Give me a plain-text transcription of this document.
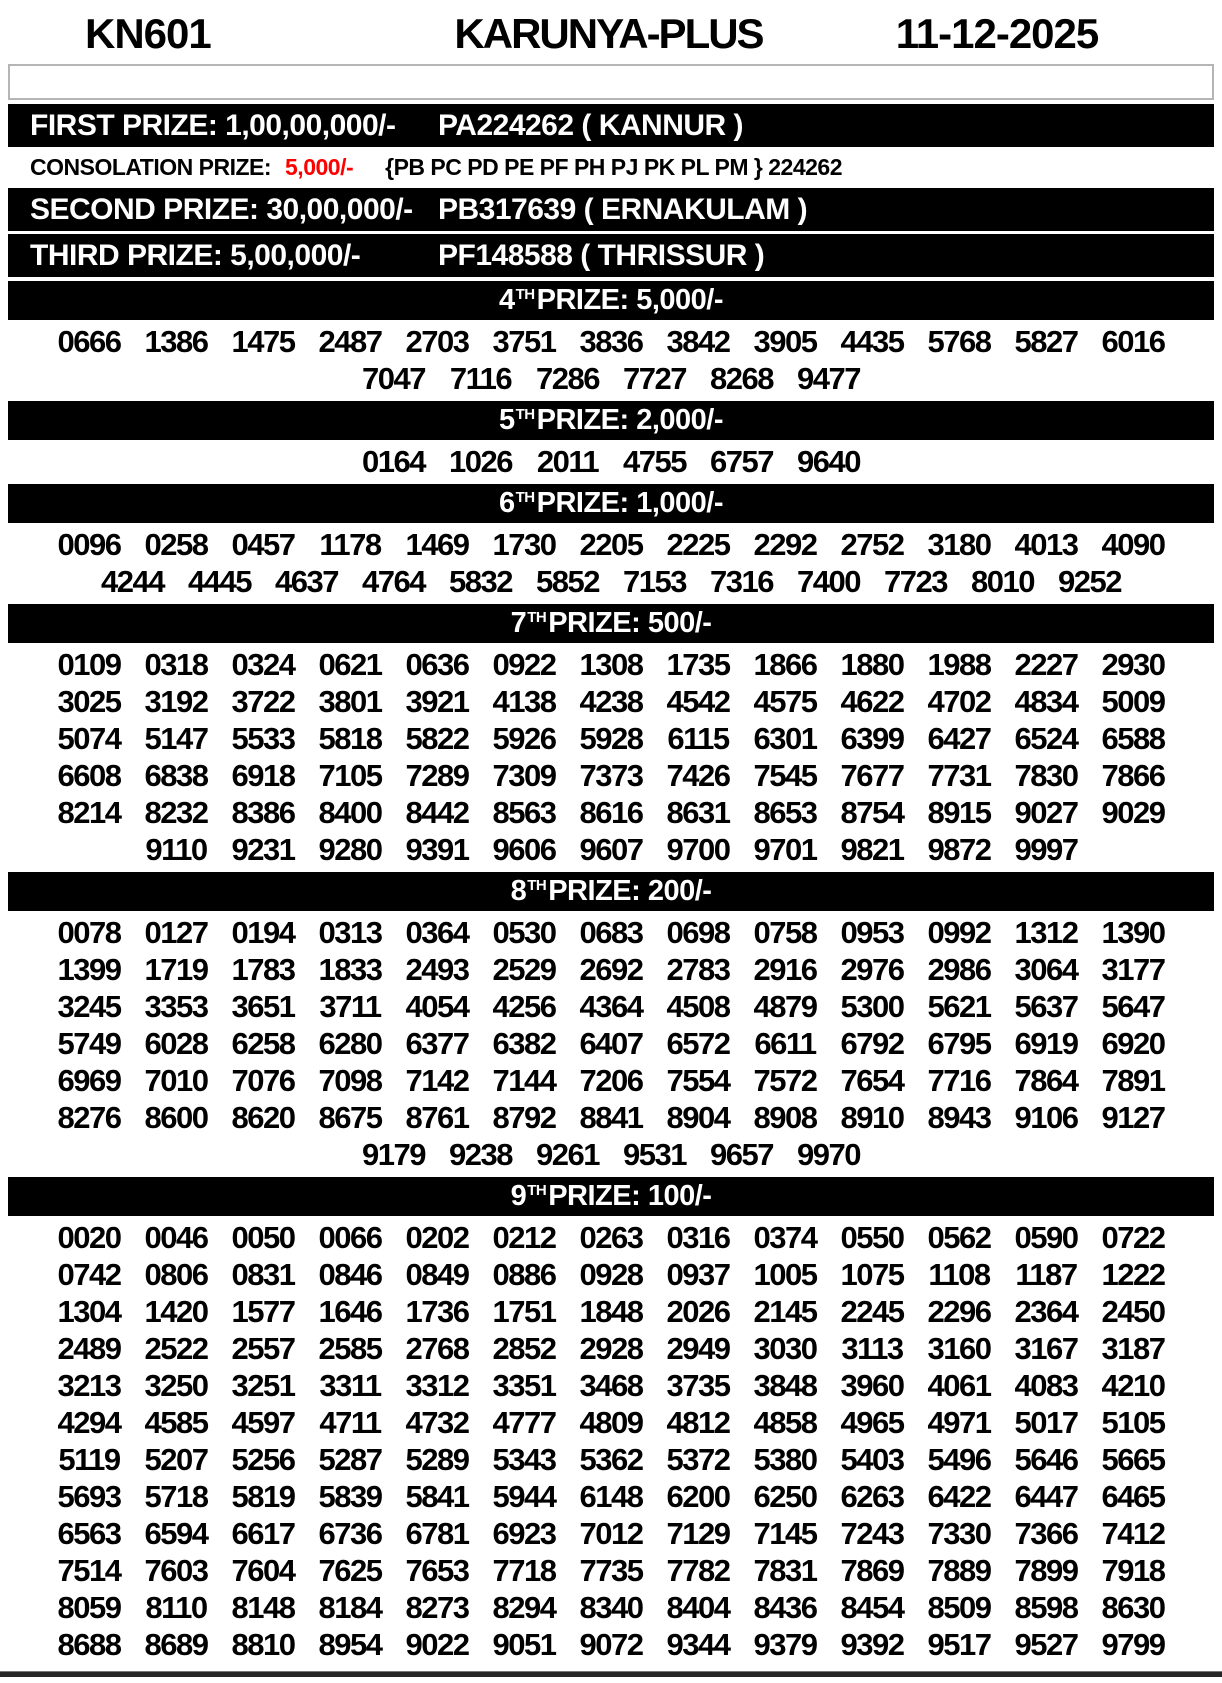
KN601	KARUNYA-PLUS	11-12-2025
FIRST PRIZE: 1,00,00,000/-	PA224262 ( KANNUR )
CONSOLATION PRIZE: 5,000/- {PB PC PD PE PF PH PJ PK PL PM } 224262
SECOND PRIZE: 30,00,000/- PB317639 ( ERNAKULAM )
THIRD PRIZE: 5,00,000/-	PF148588 ( THRISSUR )
4 TH PRIZE: 5,000/-
0666 1386 1475 2487 2703 3751 3836 3842 3905 4435 5768 5827 6016
7047 7116 7286 7727 8268 9477
5 TH PRIZE: 2,000/-
0164 1026 2011 4755 6757 9640
6 TH PRIZE: 1,000/-
0096 0258 0457 1178 1469 1730 2205 2225 2292 2752 3180 4013 4090
4244 4445 4637 4764 5832 5852 7153 7316 7400 7723 8010 9252
7 TH PRIZE: 500/-
0109 0318 0324 0621 0636 0922 1308 1735 1866 1880 1988 2227 2930
3025 3192 3722 3801 3921 4138 4238 4542 4575 4622 4702 4834 5009
5074 5147 5533 5818 5822 5926 5928 6115 6301 6399 6427 6524 6588
6608 6838 6918 7105 7289 7309 7373 7426 7545 7677 7731 7830 7866
8214 8232 8386 8400 8442 8563 8616 8631 8653 8754 8915 9027 9029
9110 9231 9280 9391 9606 9607 9700 9701 9821 9872 9997
8 TH PRIZE: 200/-
0078 0127 0194 0313 0364 0530 0683 0698 0758 0953 0992 1312 1390
1399 1719 1783 1833 2493 2529 2692 2783 2916 2976 2986 3064 3177
3245 3353 3651 3711 4054 4256 4364 4508 4879 5300 5621 5637 5647
5749 6028 6258 6280 6377 6382 6407 6572 6611 6792 6795 6919 6920
6969 7010 7076 7098 7142 7144 7206 7554 7572 7654 7716 7864 7891
8276 8600 8620 8675 8761 8792 8841 8904 8908 8910 8943 9106 9127
9179 9238 9261 9531 9657 9970
9 TH PRIZE: 100/-
0020 0046 0050 0066 0202 0212 0263 0316 0374 0550 0562 0590 0722
0742 0806 0831 0846 0849 0886 0928 0937 1005 1075 1108 1187 1222
1304 1420 1577 1646 1736 1751 1848 2026 2145 2245 2296 2364 2450
2489 2522 2557 2585 2768 2852 2928 2949 3030 3113 3160 3167 3187
3213 3250 3251 3311 3312 3351 3468 3735 3848 3960 4061 4083 4210
4294 4585 4597 4711 4732 4777 4809 4812 4858 4965 4971 5017 5105
5119 5207 5256 5287 5289 5343 5362 5372 5380 5403 5496 5646 5665
5693 5718 5819 5839 5841 5944 6148 6200 6250 6263 6422 6447 6465
6563 6594 6617 6736 6781 6923 7012 7129 7145 7243 7330 7366 7412
7514 7603 7604 7625 7653 7718 7735 7782 7831 7869 7889 7899 7918
8059 8110 8148 8184 8273 8294 8340 8404 8436 8454 8509 8598 8630
8688 8689 8810 8954 9022 9051 9072 9344 9379 9392 9517 9527 9799
